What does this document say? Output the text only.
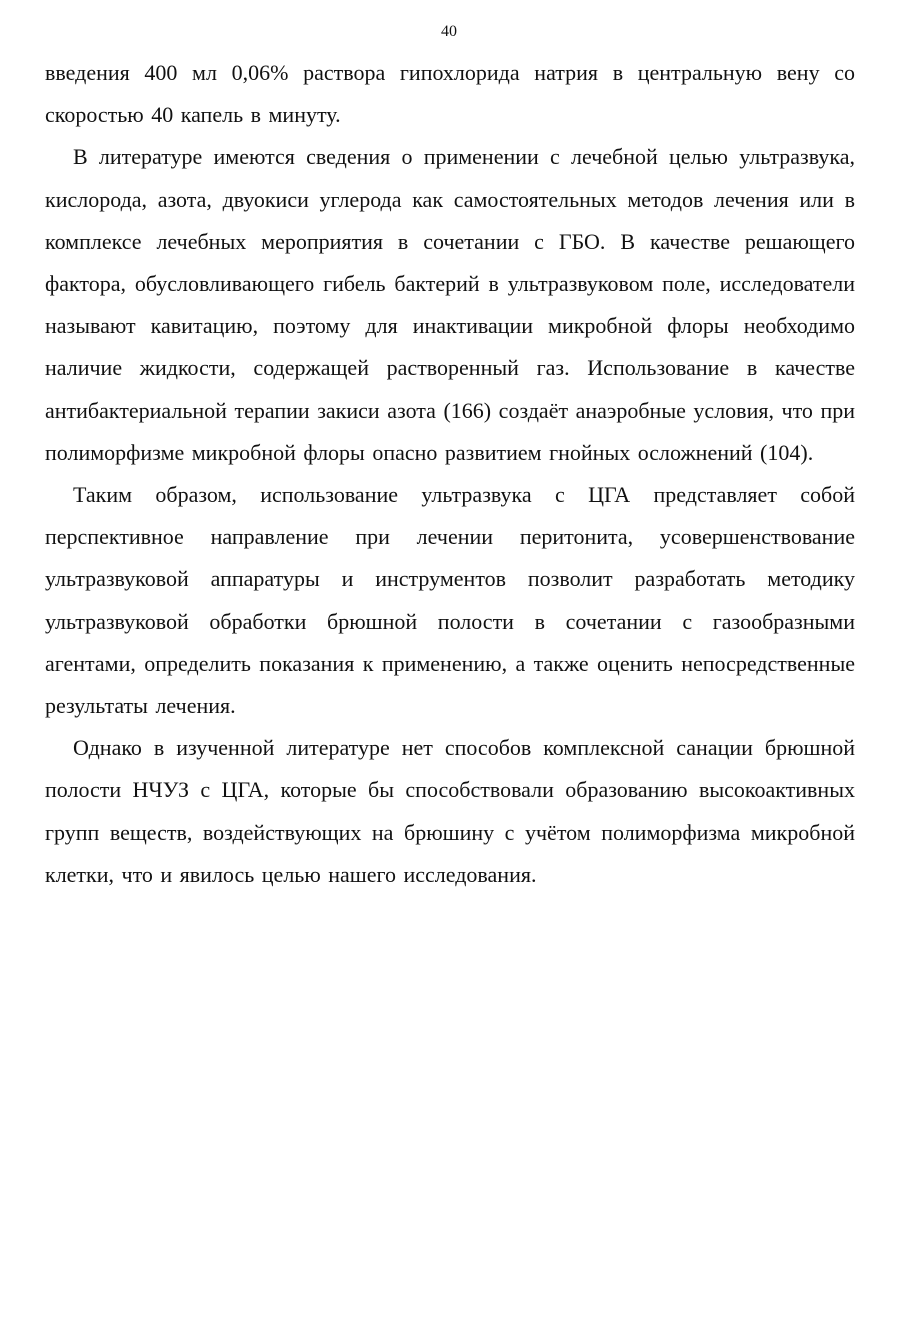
40

введения 400 мл 0,06% раствора гипохлорида натрия в центральную вену со скоростью 40 капель в минуту.

В литературе имеются сведения о применении с лечебной целью ультразвука, кислорода, азота, двуокиси углерода как самостоятельных методов лечения или в комплексе лечебных мероприятия в сочетании с ГБО. В качестве решающего фактора, обусловливающего гибель бактерий в ультразвуковом поле, исследователи называют кавитацию, поэтому для инактивации микробной флоры необходимо наличие жидкости, содержащей растворенный газ. Использование в качестве антибактериальной терапии закиси азота (166) создаёт анаэробные условия, что при полиморфизме микробной флоры опасно развитием гнойных осложнений (104).

Таким образом, использование ультразвука с ЦГА представляет собой перспективное направление при лечении перитонита, усовершенствование ультразвуковой аппаратуры и инструментов позволит разработать методику ультразвуковой обработки брюшной полости в сочетании с газообразными агентами, определить показания к применению, а также оценить непосредственные результаты лечения.

Однако в изученной литературе нет способов комплексной санации брюшной полости НЧУЗ с ЦГА, которые бы способствовали образованию высокоактивных групп веществ, воздействующих на брюшину с учётом полиморфизма микробной клетки, что и явилось целью нашего исследования.
